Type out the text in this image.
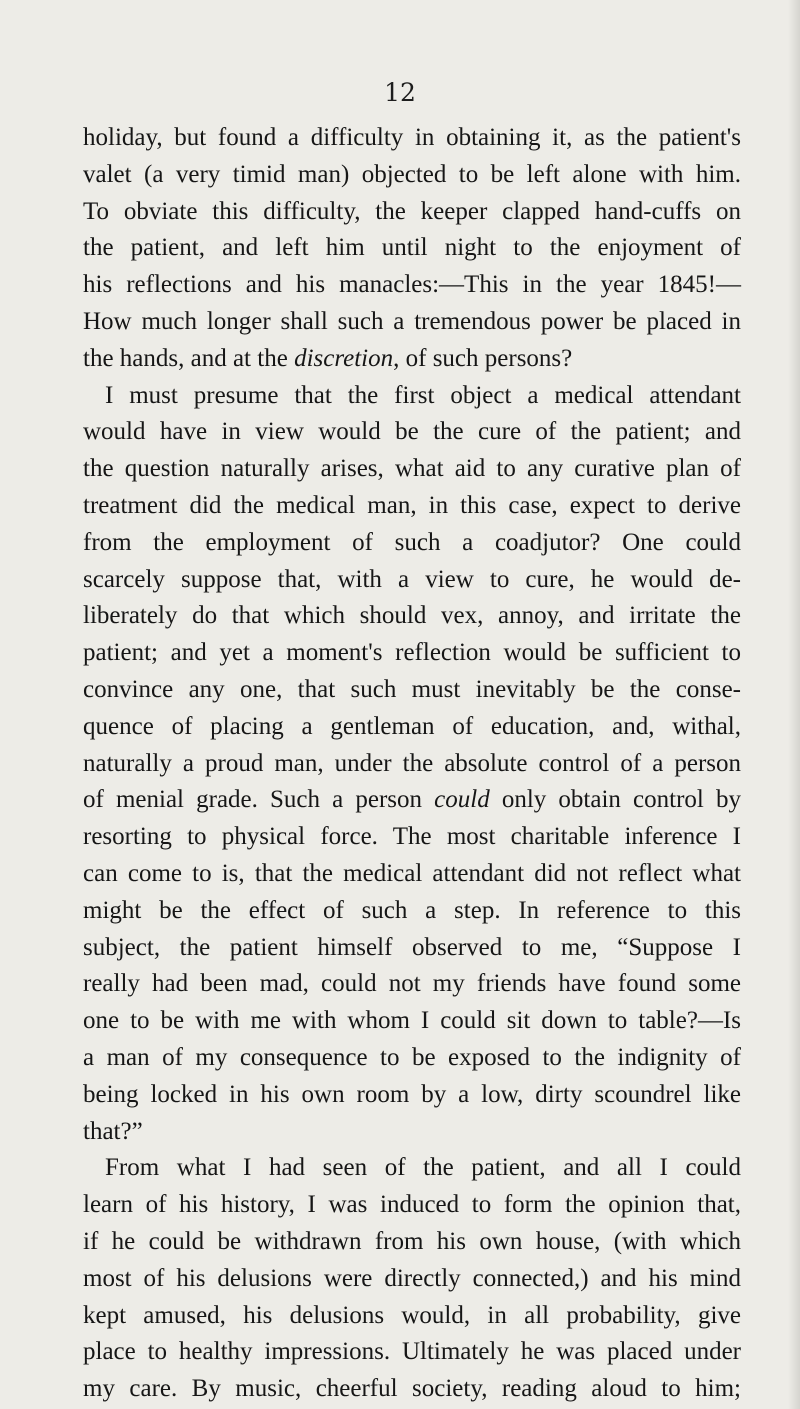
12
holiday, but found a difficulty in obtaining it, as the patient's
valet (a very timid man) objected to be left alone with him.
To obviate this difficulty, the keeper clapped hand-cuffs on
the patient, and left him until night to the enjoyment of
his reflections and his manacles:—This in the year 1845!—
How much longer shall such a tremendous power be placed in
the hands, and at the discretion, of such persons?
I must presume that the first object a medical attendant
would have in view would be the cure of the patient; and
the question naturally arises, what aid to any curative plan of
treatment did the medical man, in this case, expect to derive
from the employment of such a coadjutor? One could
scarcely suppose that, with a view to cure, he would de-
liberately do that which should vex, annoy, and irritate the
patient; and yet a moment's reflection would be sufficient to
convince any one, that such must inevitably be the conse-
quence of placing a gentleman of education, and, withal,
naturally a proud man, under the absolute control of a person
of menial grade. Such a person could only obtain control by
resorting to physical force. The most charitable inference I
can come to is, that the medical attendant did not reflect what
might be the effect of such a step. In reference to this
subject, the patient himself observed to me, “Suppose I
really had been mad, could not my friends have found some
one to be with me with whom I could sit down to table?—Is
a man of my consequence to be exposed to the indignity of
being locked in his own room by a low, dirty scoundrel like
that?”
From what I had seen of the patient, and all I could
learn of his history, I was induced to form the opinion that,
if he could be withdrawn from his own house, (with which
most of his delusions were directly connected,) and his mind
kept amused, his delusions would, in all probability, give
place to healthy impressions. Ultimately he was placed under
my care. By music, cheerful society, reading aloud to him;
